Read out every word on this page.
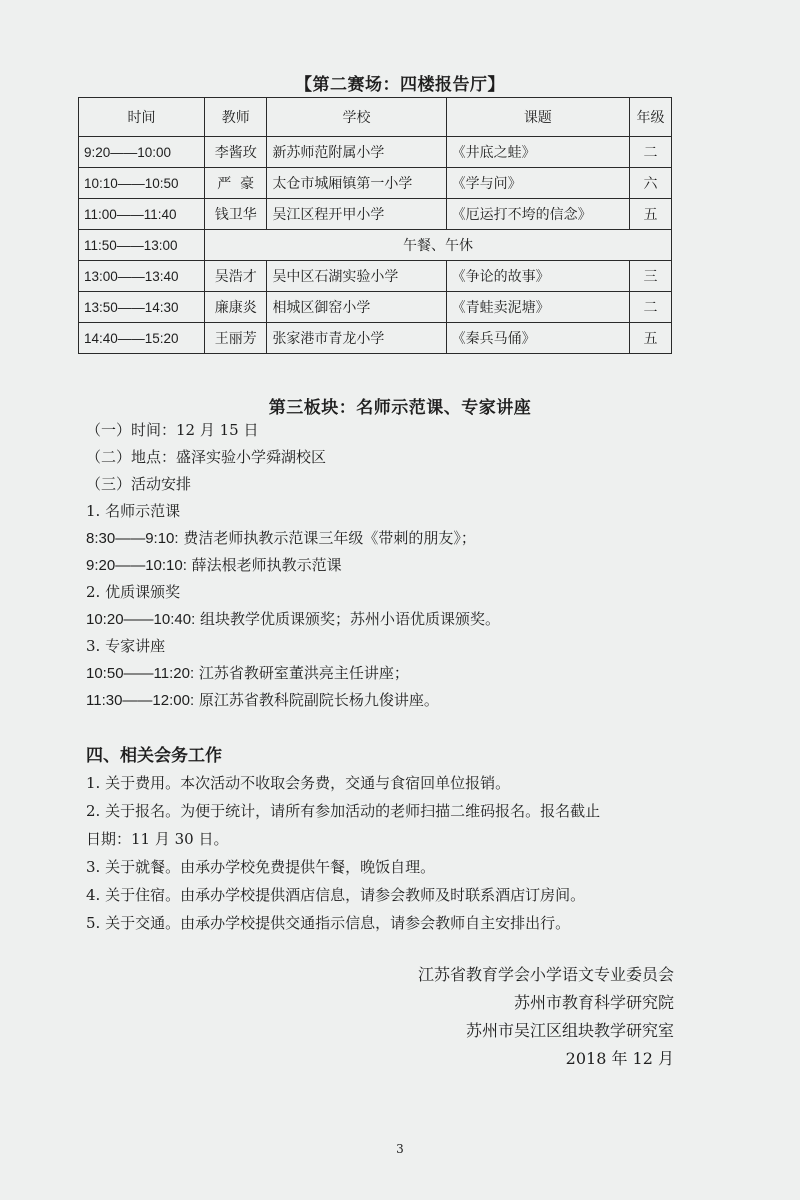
【第二赛场：四楼报告厅】
时间	教师	学校	课题	年级
9:20——10:00	李酱玫	新苏师范附属小学	《井底之蛙》	二
10:10——10:50	严  豪	太仓市城厢镇第一小学	《学与问》	六
11:00——11:40	钱卫华	吴江区程开甲小学	《厄运打不垮的信念》	五
11:50——13:00	午餐、午休			
13:00——13:40	吴浩才	吴中区石湖实验小学	《争论的故事》	三
13:50——14:30	廉康炎	相城区御窑小学	《青蛙卖泥塘》	二
14:40——15:20	王丽芳	张家港市青龙小学	《秦兵马俑》	五
第三板块：名师示范课、专家讲座
（一）时间：12 月 15 日
（二）地点：盛泽实验小学舜湖校区
（三）活动安排
1. 名师示范课
8:30——9:10: 费洁老师执教示范课三年级《带刺的朋友》；
9:20——10:10: 薛法根老师执教示范课
2. 优质课颁奖
10:20——10:40: 组块教学优质课颁奖；苏州小语优质课颁奖。
3. 专家讲座
10:50——11:20: 江苏省教研室董洪亮主任讲座；
11:30——12:00: 原江苏省教科院副院长杨九俊讲座。
四、相关会务工作
1. 关于费用。本次活动不收取会务费，交通与食宿回单位报销。
2. 关于报名。为便于统计，请所有参加活动的老师扫描二维码报名。报名截止
日期：11 月 30 日。
3. 关于就餐。由承办学校免费提供午餐，晚饭自理。
4. 关于住宿。由承办学校提供酒店信息，请参会教师及时联系酒店订房间。
5. 关于交通。由承办学校提供交通指示信息，请参会教师自主安排出行。
江苏省教育学会小学语文专业委员会
苏州市教育科学研究院
苏州市吴江区组块教学研究室
2018 年 12 月
3
